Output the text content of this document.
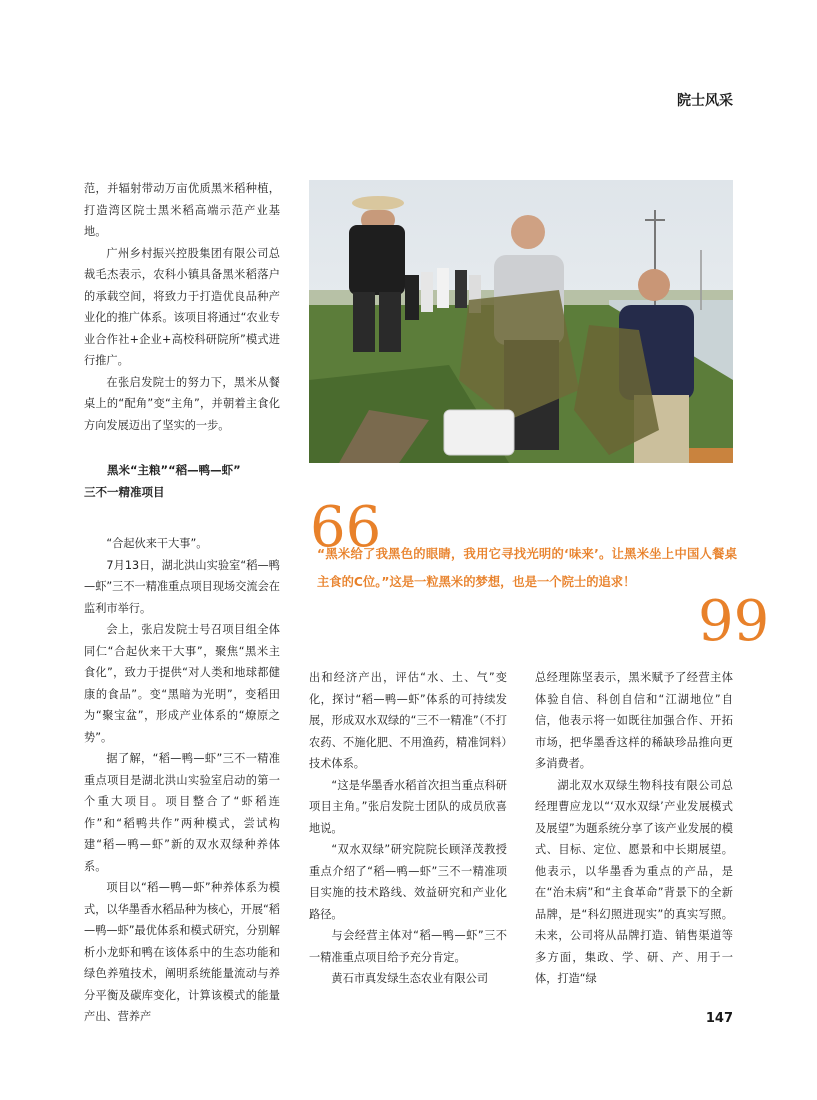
院士风采

范，并辐射带动万亩优质黑米稻种植，打造湾区院士黑米稻高端示范产业基地。

广州乡村振兴控股集团有限公司总裁毛杰表示，农科小镇具备黑米稻落户的承载空间，将致力于打造优良品种产业化的推广体系。该项目将通过“农业专业合作社+企业+高校科研院所”模式进行推广。

在张启发院士的努力下，黑米从餐桌上的“配角”变“主角”，并朝着主食化方向发展迈出了坚实的一步。

黑米“主粮”“稻—鸭—虾”
三不一精准项目

“合起伙来干大事”。

7月13日，湖北洪山实验室“稻—鸭—虾”三不一精准重点项目现场交流会在监利市举行。

会上，张启发院士号召项目组全体同仁“合起伙来干大事”，聚焦“黑米主食化”，致力于提供“对人类和地球都健康的食品”。变“黑暗为光明”，变稻田为“聚宝盆”，形成产业体系的“燎原之势”。

据了解，“稻—鸭—虾”三不一精准重点项目是湖北洪山实验室启动的第一个重大项目。项目整合了“虾稻连作”和“稻鸭共作”两种模式，尝试构建“稻—鸭—虾”新的双水双绿种养体系。

项目以“稻—鸭—虾”种养体系为模式，以华墨香水稻品种为核心，开展“稻—鸭—虾”最优体系和模式研究，分别解析小龙虾和鸭在该体系中的生态功能和绿色养殖技术，阐明系统能量流动与养分平衡及碳库变化，计算该模式的能量产出、营养产

66
“黑米给了我黑色的眼睛，我用它寻找光明的‘味来’。让黑米坐上中国人餐桌主食的C位。”这是一粒黑米的梦想，也是一个院士的追求！
99

出和经济产出，评估“水、土、气”变化，探讨“稻—鸭—虾”体系的可持续发展，形成双水双绿的“三不一精准”（不打农药、不施化肥、不用渔药，精准饲料）技术体系。

“这是华墨香水稻首次担当重点科研项目主角。”张启发院士团队的成员欣喜地说。

“双水双绿”研究院院长顾泽茂教授重点介绍了“稻—鸭—虾”三不一精准项目实施的技术路线、效益研究和产业化路径。

与会经营主体对“稻—鸭—虾”三不一精准重点项目给予充分肯定。

黄石市真发绿生态农业有限公司

总经理陈坚表示，黑米赋予了经营主体体验自信、科创自信和“江湖地位”自信，他表示将一如既往加强合作、开拓市场，把华墨香这样的稀缺珍品推向更多消费者。

湖北双水双绿生物科技有限公司总经理曹应龙以“‘双水双绿’产业发展模式及展望”为题系统分享了该产业发展的模式、目标、定位、愿景和中长期展望。他表示，以华墨香为重点的产品，是在“治未病”和“主食革命”背景下的全新品牌，是“科幻照进现实”的真实写照。未来，公司将从品牌打造、销售渠道等多方面，集政、学、研、产、用于一体，打造“绿

147
